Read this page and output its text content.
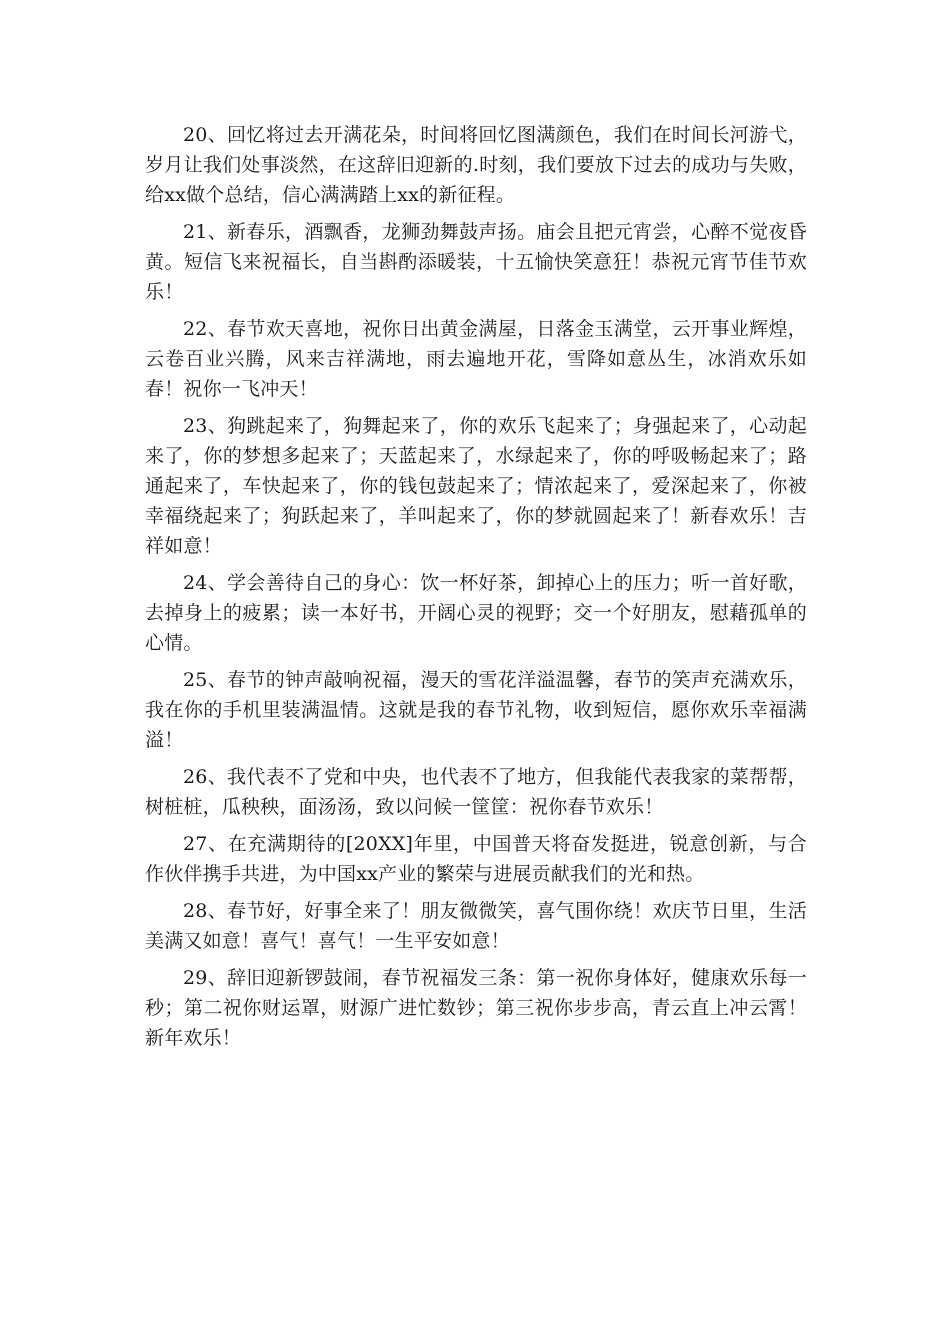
20、回忆将过去开满花朵，时间将回忆图满颜色，我们在时间长河游弋，岁月让我们处事淡然，在这辞旧迎新的.时刻，我们要放下过去的成功与失败，给xx做个总结，信心满满踏上xx的新征程。

21、新春乐，酒飘香，龙狮劲舞鼓声扬。庙会且把元宵尝，心醉不觉夜昏黄。短信飞来祝福长，自当斟酌添暖装，十五愉快笑意狂！恭祝元宵节佳节欢乐！

22、春节欢天喜地，祝你日出黄金满屋，日落金玉满堂，云开事业辉煌，云卷百业兴腾，风来吉祥满地，雨去遍地开花，雪降如意丛生，冰消欢乐如春！祝你一飞冲天！

23、狗跳起来了，狗舞起来了，你的欢乐飞起来了；身强起来了，心动起来了，你的梦想多起来了；天蓝起来了，水绿起来了，你的呼吸畅起来了；路通起来了，车快起来了，你的钱包鼓起来了；情浓起来了，爱深起来了，你被幸福绕起来了；狗跃起来了，羊叫起来了，你的梦就圆起来了！新春欢乐！吉祥如意！

24、学会善待自己的身心：饮一杯好茶，卸掉心上的压力；听一首好歌，去掉身上的疲累；读一本好书，开阔心灵的视野；交一个好朋友，慰藉孤单的心情。

25、春节的钟声敲响祝福，漫天的雪花洋溢温馨，春节的笑声充满欢乐，我在你的手机里装满温情。这就是我的春节礼物，收到短信，愿你欢乐幸福满溢！

26、我代表不了党和中央，也代表不了地方，但我能代表我家的菜帮帮，树桩桩，瓜秧秧，面汤汤，致以问候一筐筐：祝你春节欢乐！

27、在充满期待的[20XX]年里，中国普天将奋发挺进，锐意创新，与合作伙伴携手共进，为中国xx产业的繁荣与进展贡献我们的光和热。

28、春节好，好事全来了！朋友微微笑，喜气围你绕！欢庆节日里，生活美满又如意！喜气！喜气！一生平安如意！

29、辞旧迎新锣鼓闹，春节祝福发三条：第一祝你身体好，健康欢乐每一秒；第二祝你财运罩，财源广进忙数钞；第三祝你步步高，青云直上冲云霄！新年欢乐！
